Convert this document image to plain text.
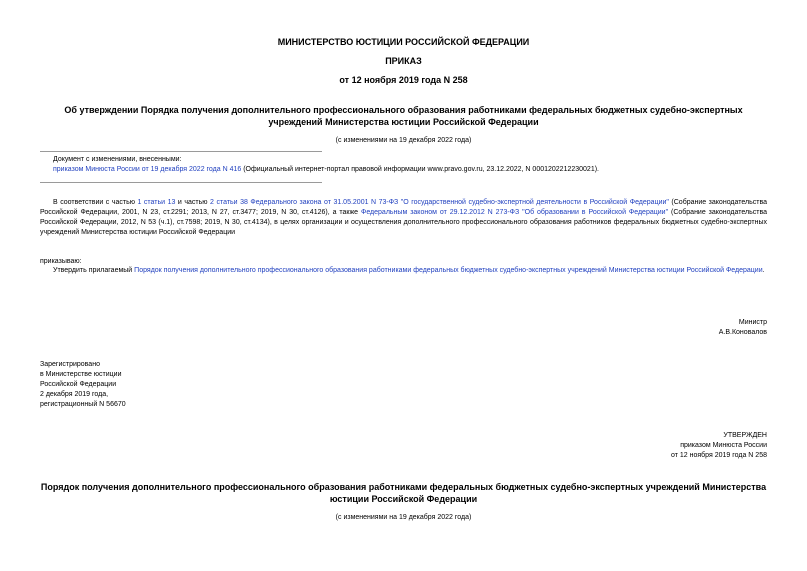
МИНИСТЕРСТВО ЮСТИЦИИ РОССИЙСКОЙ ФЕДЕРАЦИИ
ПРИКАЗ
от 12 ноября 2019 года N 258
Об утверждении Порядка получения дополнительного профессионального образования работниками федеральных бюджетных судебно-экспертных учреждений Министерства юстиции Российской Федерации
(с изменениями на 19 декабря 2022 года)
Документ с изменениями, внесенными:
приказом Минюста России от 19 декабря 2022 года N 416 (Официальный интернет-портал правовой информации www.pravo.gov.ru, 23.12.2022, N 0001202212230021).
В соответствии с частью 1 статьи 13 и частью 2 статьи 38 Федерального закона от 31.05.2001 N 73-ФЗ "О государственной судебно-экспертной деятельности в Российской Федерации" (Собрание законодательства Российской Федерации, 2001, N 23, ст.2291; 2013, N 27, ст.3477; 2019, N 30, ст.4126), а также Федеральным законом от 29.12.2012 N 273-ФЗ "Об образовании в Российской Федерации" (Собрание законодательства Российской Федерации, 2012, N 53 (ч.1), ст.7598; 2019, N 30, ст.4134), в целях организации и осуществления дополнительного профессионального образования работников федеральных бюджетных судебно-экспертных учреждений Министерства юстиции Российской Федерации
приказываю:
Утвердить прилагаемый Порядок получения дополнительного профессионального образования работниками федеральных бюджетных судебно-экспертных учреждений Министерства юстиции Российской Федерации.
Министр
А.В.Коновалов
Зарегистрировано
в Министерстве юстиции
Российской Федерации
2 декабря 2019 года,
регистрационный N 56670
УТВЕРЖДЕН
приказом Минюста России
от 12 ноября 2019 года N 258
Порядок получения дополнительного профессионального образования работниками федеральных бюджетных судебно-экспертных учреждений Министерства юстиции Российской Федерации
(с изменениями на 19 декабря 2022 года)
